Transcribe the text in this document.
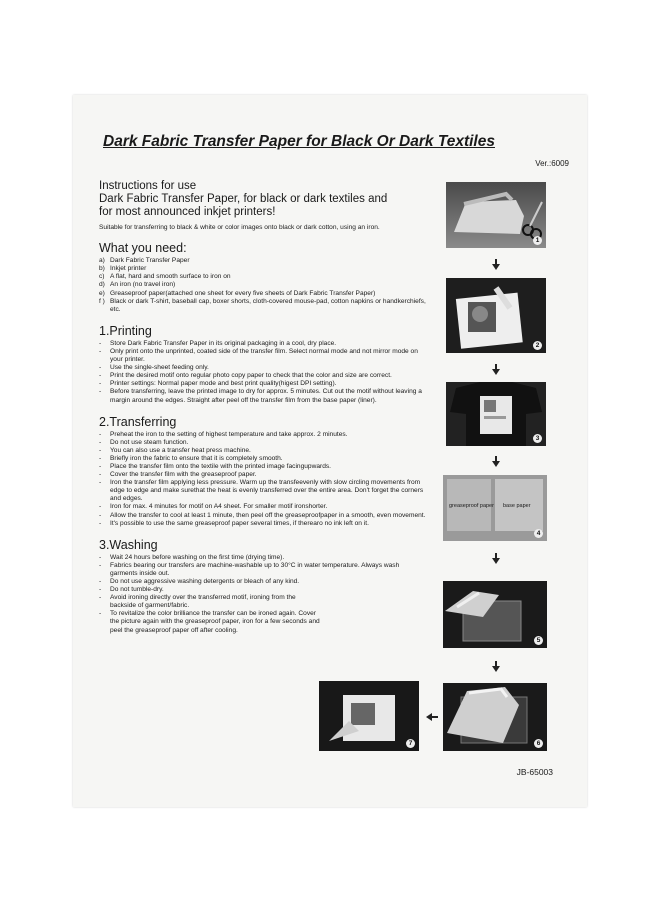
Dark Fabric Transfer Paper for Black Or Dark Textiles
Ver.:6009
Instructions for use
Dark Fabric Transfer Paper, for black or dark textiles and
for most announced inkjet printers!
Suitable for transferring to black & white or color images onto black or dark cotton, using an iron.
What you need:
a) Dark Fabric Transfer Paper
b) Inkjet printer
c) A flat, hard and smooth surface to iron on
d) An iron (no travel iron)
e) Greaseproof paper(attached one sheet for every five sheets of Dark Fabric Transfer Paper)
f ) Black or dark T-shirt, baseball cap, boxer shorts, cloth-covered mouse-pad, cotton napkins or handkerchiefs, etc.
1.Printing
- Store Dark Fabric Transfer Paper in its original packaging in a cool, dry place.
- Only print onto the unprinted, coated side of the transfer film. Select normal mode and not mirror mode on your printer.
- Use the single-sheet feeding only.
- Print the desired motif onto regular photo copy paper to check that the color and size are correct.
- Printer settings: Normal paper mode and best print quality(higest DPI setting).
- Before transferring, leave the printed image to dry for approx. 5 minutes. Cut out the motif without leaving a margin around the edges. Straight after peel off the transfer film from the base paper (liner).
2.Transferring
- Preheat the iron to the setting of highest temperature and take approx. 2 minutes.
- Do not use steam function.
- You can also use a transfer heat press machine.
- Briefly iron the fabric to ensure that it is completely smooth.
- Place the transfer film onto the textile with the printed image facingupwards.
- Cover the transfer film with the greaseproof paper.
- Iron the transfer film applying less pressure. Warm up the transfeevenly with slow circling movements from edge to edge and make surethat the heat is evenly transferred over the entire area. Don't forget the corners and edges.
- Iron for max. 4 minutes for motif on A4 sheet. For smaller motif ironshorter.
- Allow the transfer to cool at least 1 minute, then peel off the greaseproofpaper in a smooth, even movement.
- It's possible to use the same greaseproof paper several times, if therearo no ink left on it.
3.Washing
- Wait 24 hours before washing on the first time (drying time).
- Fabrics bearing our transfers are machine-washable up to 30°C in water temperature. Always wash garments inside out.
- Do not use aggressive washing detergents or bleach of any kind.
- Do not tumble-dry.
- Avoid ironing directly over the transferred motif, ironing from the backside of garment/fabric.
- To revitalize the color brilliance the transfer can be ironed again. Cover the picture again with the greaseproof paper, iron for a few seconds and peel the greaseproof paper off after cooling.
1
2
3
greaseproof paper base paper
4
5
6
7
JB-65003
